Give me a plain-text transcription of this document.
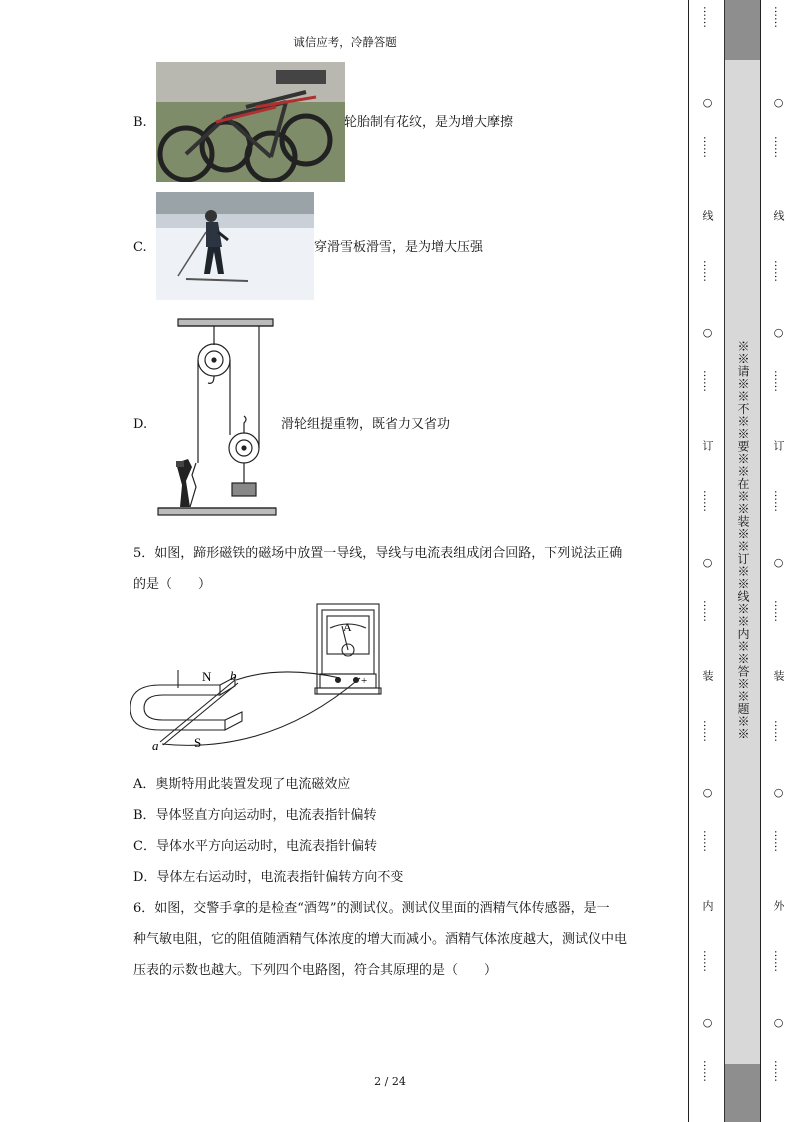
诚信应考，冷静答题
B.	轮胎制有花纹，是为增大摩擦
C.	穿滑雪板滑雪，是为增大压强
D.	滑轮组提重物，既省力又省功
5．如图，蹄形磁铁的磁场中放置一导线，导线与电流表组成闭合回路，下列说法正确
的是（　　）
N b
S
a
A
+
A．奥斯特用此装置发现了电流磁效应
B．导体竖直方向运动时，电流表指针偏转
C．导体水平方向运动时，电流表指针偏转
D．导体左右运动时，电流表指针偏转方向不变
6．如图，交警手拿的是检查“酒驾”的测试仪。测试仪里面的酒精气体传感器，是一
种气敏电阻，它的阻值随酒精气体浓度的增大而减小。酒精气体浓度越大，测试仪中电
压表的示数也越大。下列四个电路图，符合其原理的是（　　）
2 / 24
※※请※※不※※要※※在※※装※※订※※线※※内※※答※※题※※
……
○
……
线
……
○
……
订
……
○
……
装
……
○
……
内
……
○
……
……
○
……
线
……
○
……
订
……
○
……
装
……
○
……
外
……
○
……
